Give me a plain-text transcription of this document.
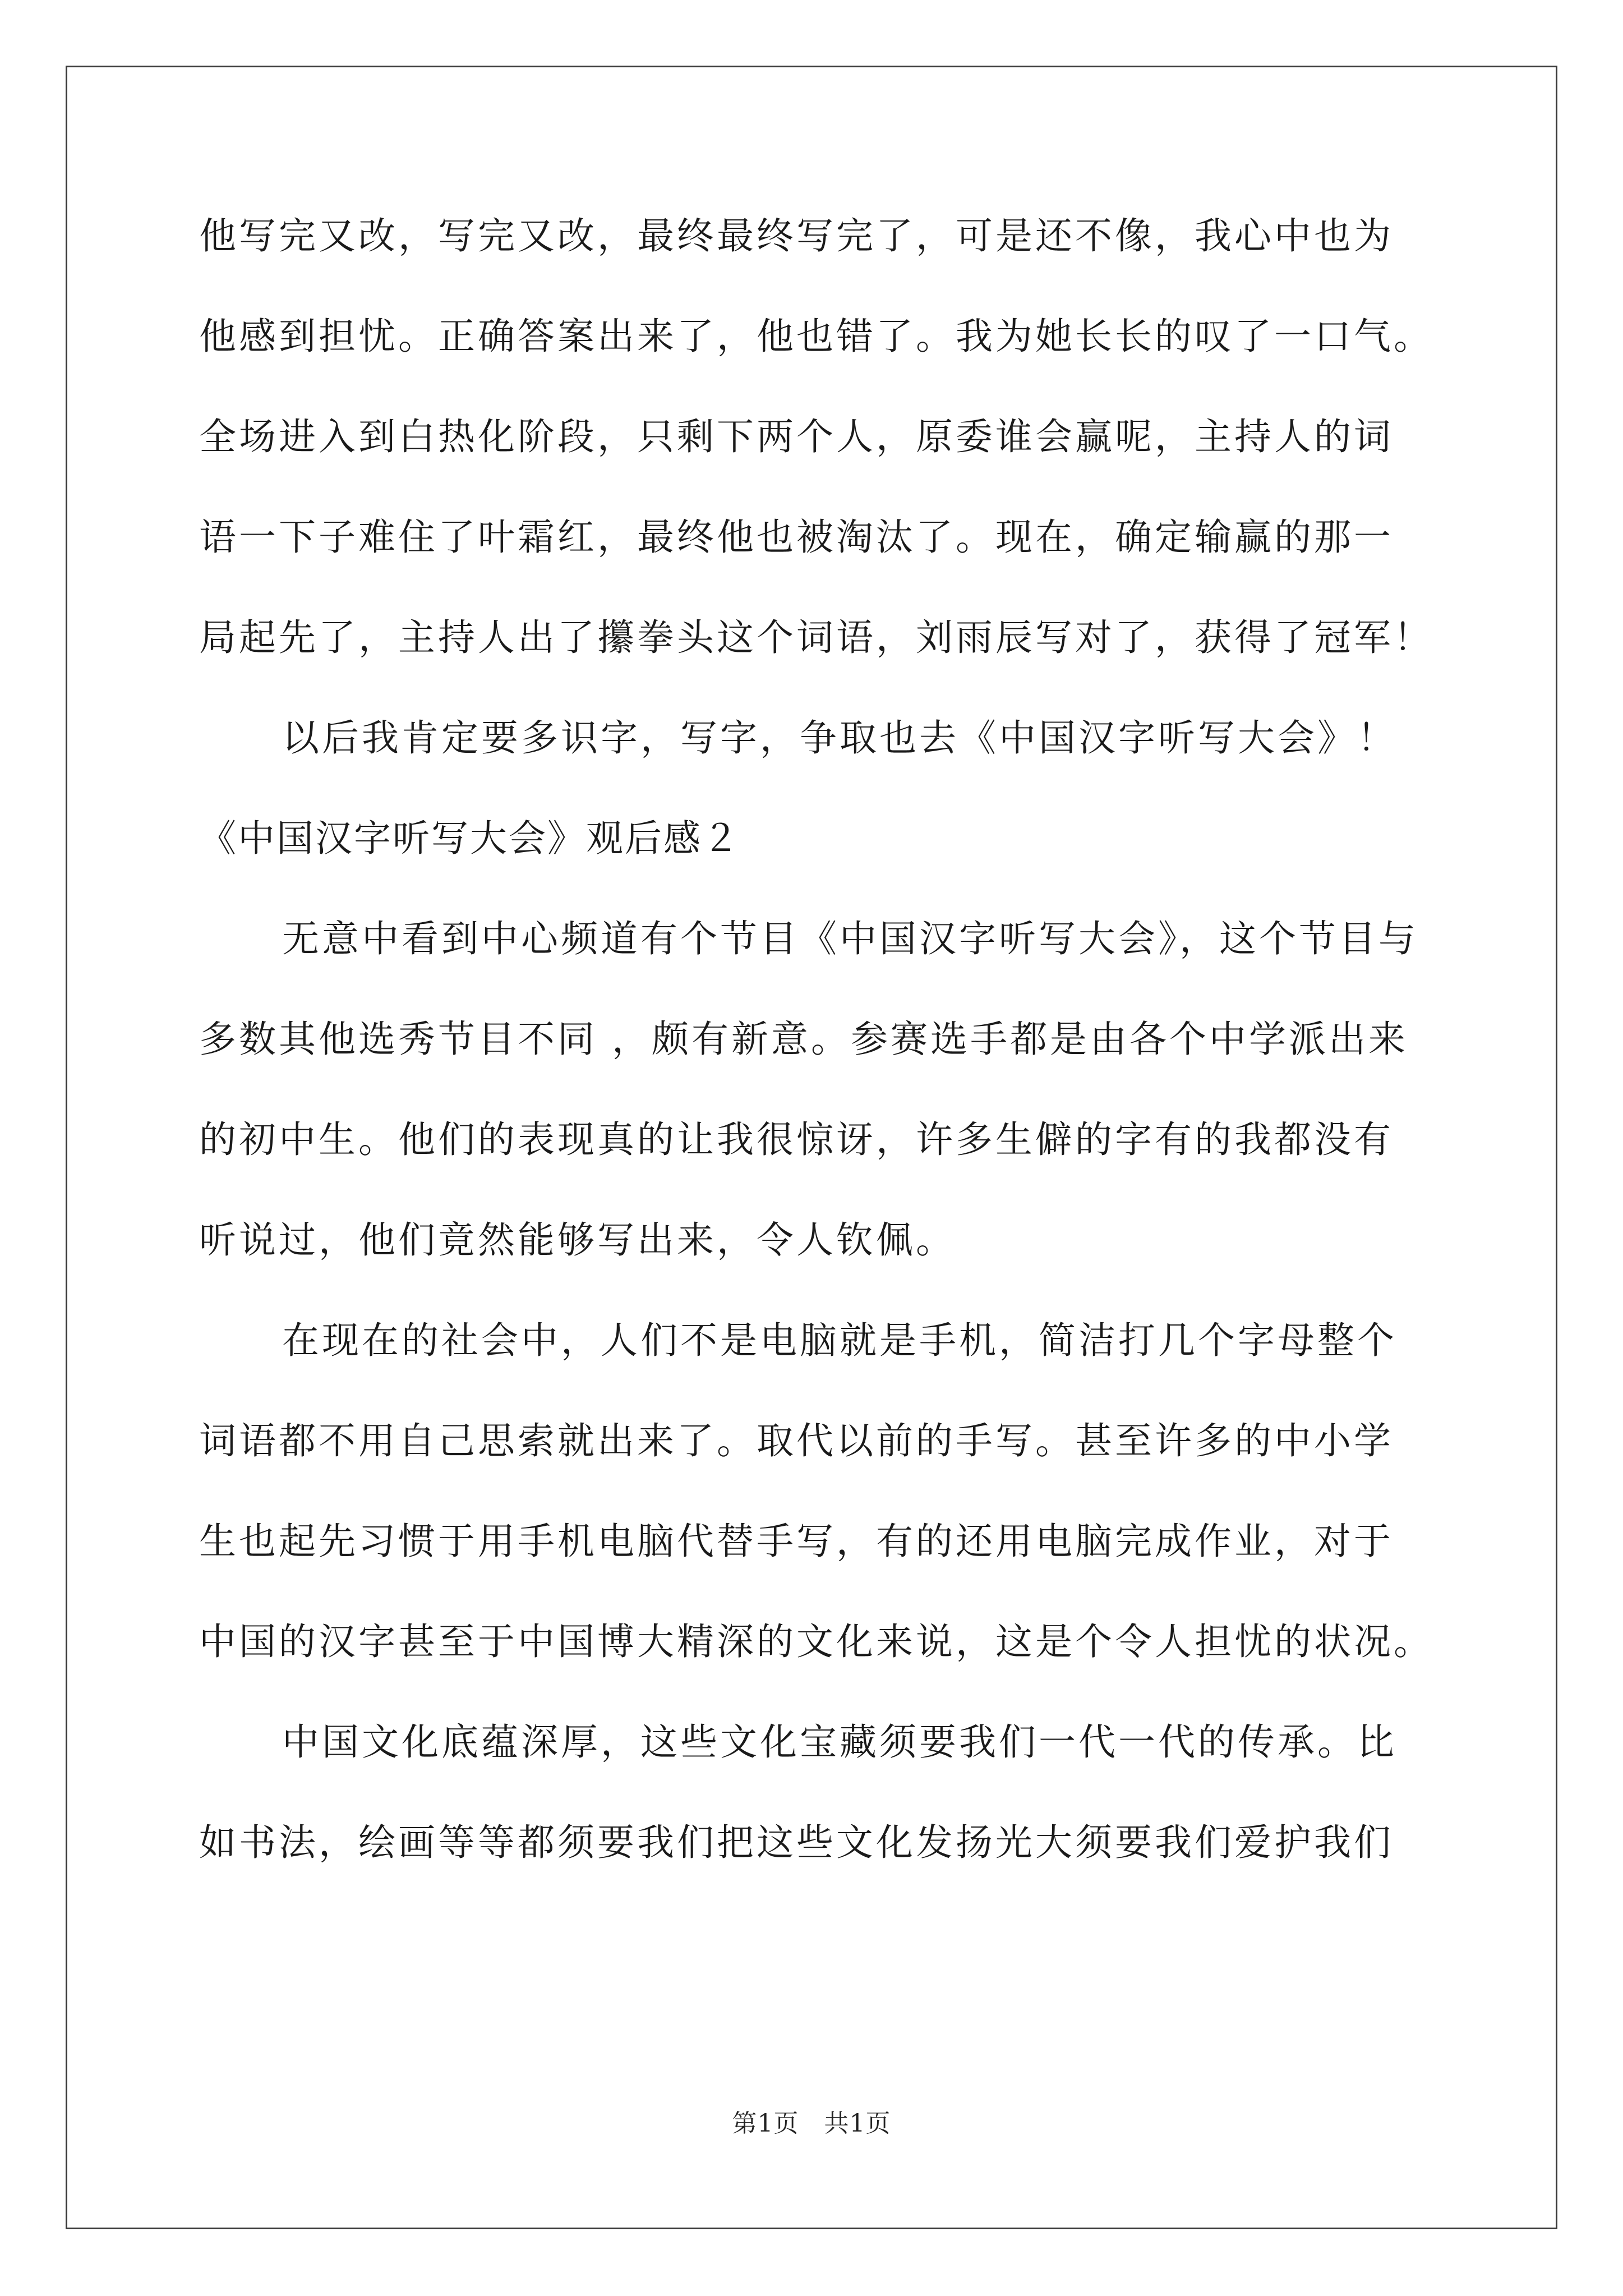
他写完又改，写完又改，最终最终写完了，可是还不像，我心中也为
他感到担忧。正确答案出来了，他也错了。我为她长长的叹了一口气。
全场进入到白热化阶段，只剩下两个人，原委谁会赢呢，主持人的词
语一下子难住了叶霜红，最终他也被淘汰了。现在，确定输赢的那一
局起先了，主持人出了攥拳头这个词语，刘雨辰写对了，获得了冠军！
以后我肯定要多识字，写字，争取也去《中国汉字听写大会》！
《中国汉字听写大会》观后感２
无意中看到中心频道有个节目《中国汉字听写大会》，这个节目与
多数其他选秀节目不同 ，颇有新意。参赛选手都是由各个中学派出来
的初中生。他们的表现真的让我很惊讶，许多生僻的字有的我都没有
听说过，他们竟然能够写出来，令人钦佩。
在现在的社会中，人们不是电脑就是手机，简洁打几个字母整个
词语都不用自己思索就出来了。取代以前的手写。甚至许多的中小学
生也起先习惯于用手机电脑代替手写，有的还用电脑完成作业，对于
中国的汉字甚至于中国博大精深的文化来说，这是个令人担忧的状况。
中国文化底蕴深厚，这些文化宝藏须要我们一代一代的传承。比
如书法，绘画等等都须要我们把这些文化发扬光大须要我们爱护我们
第1页　共1页
